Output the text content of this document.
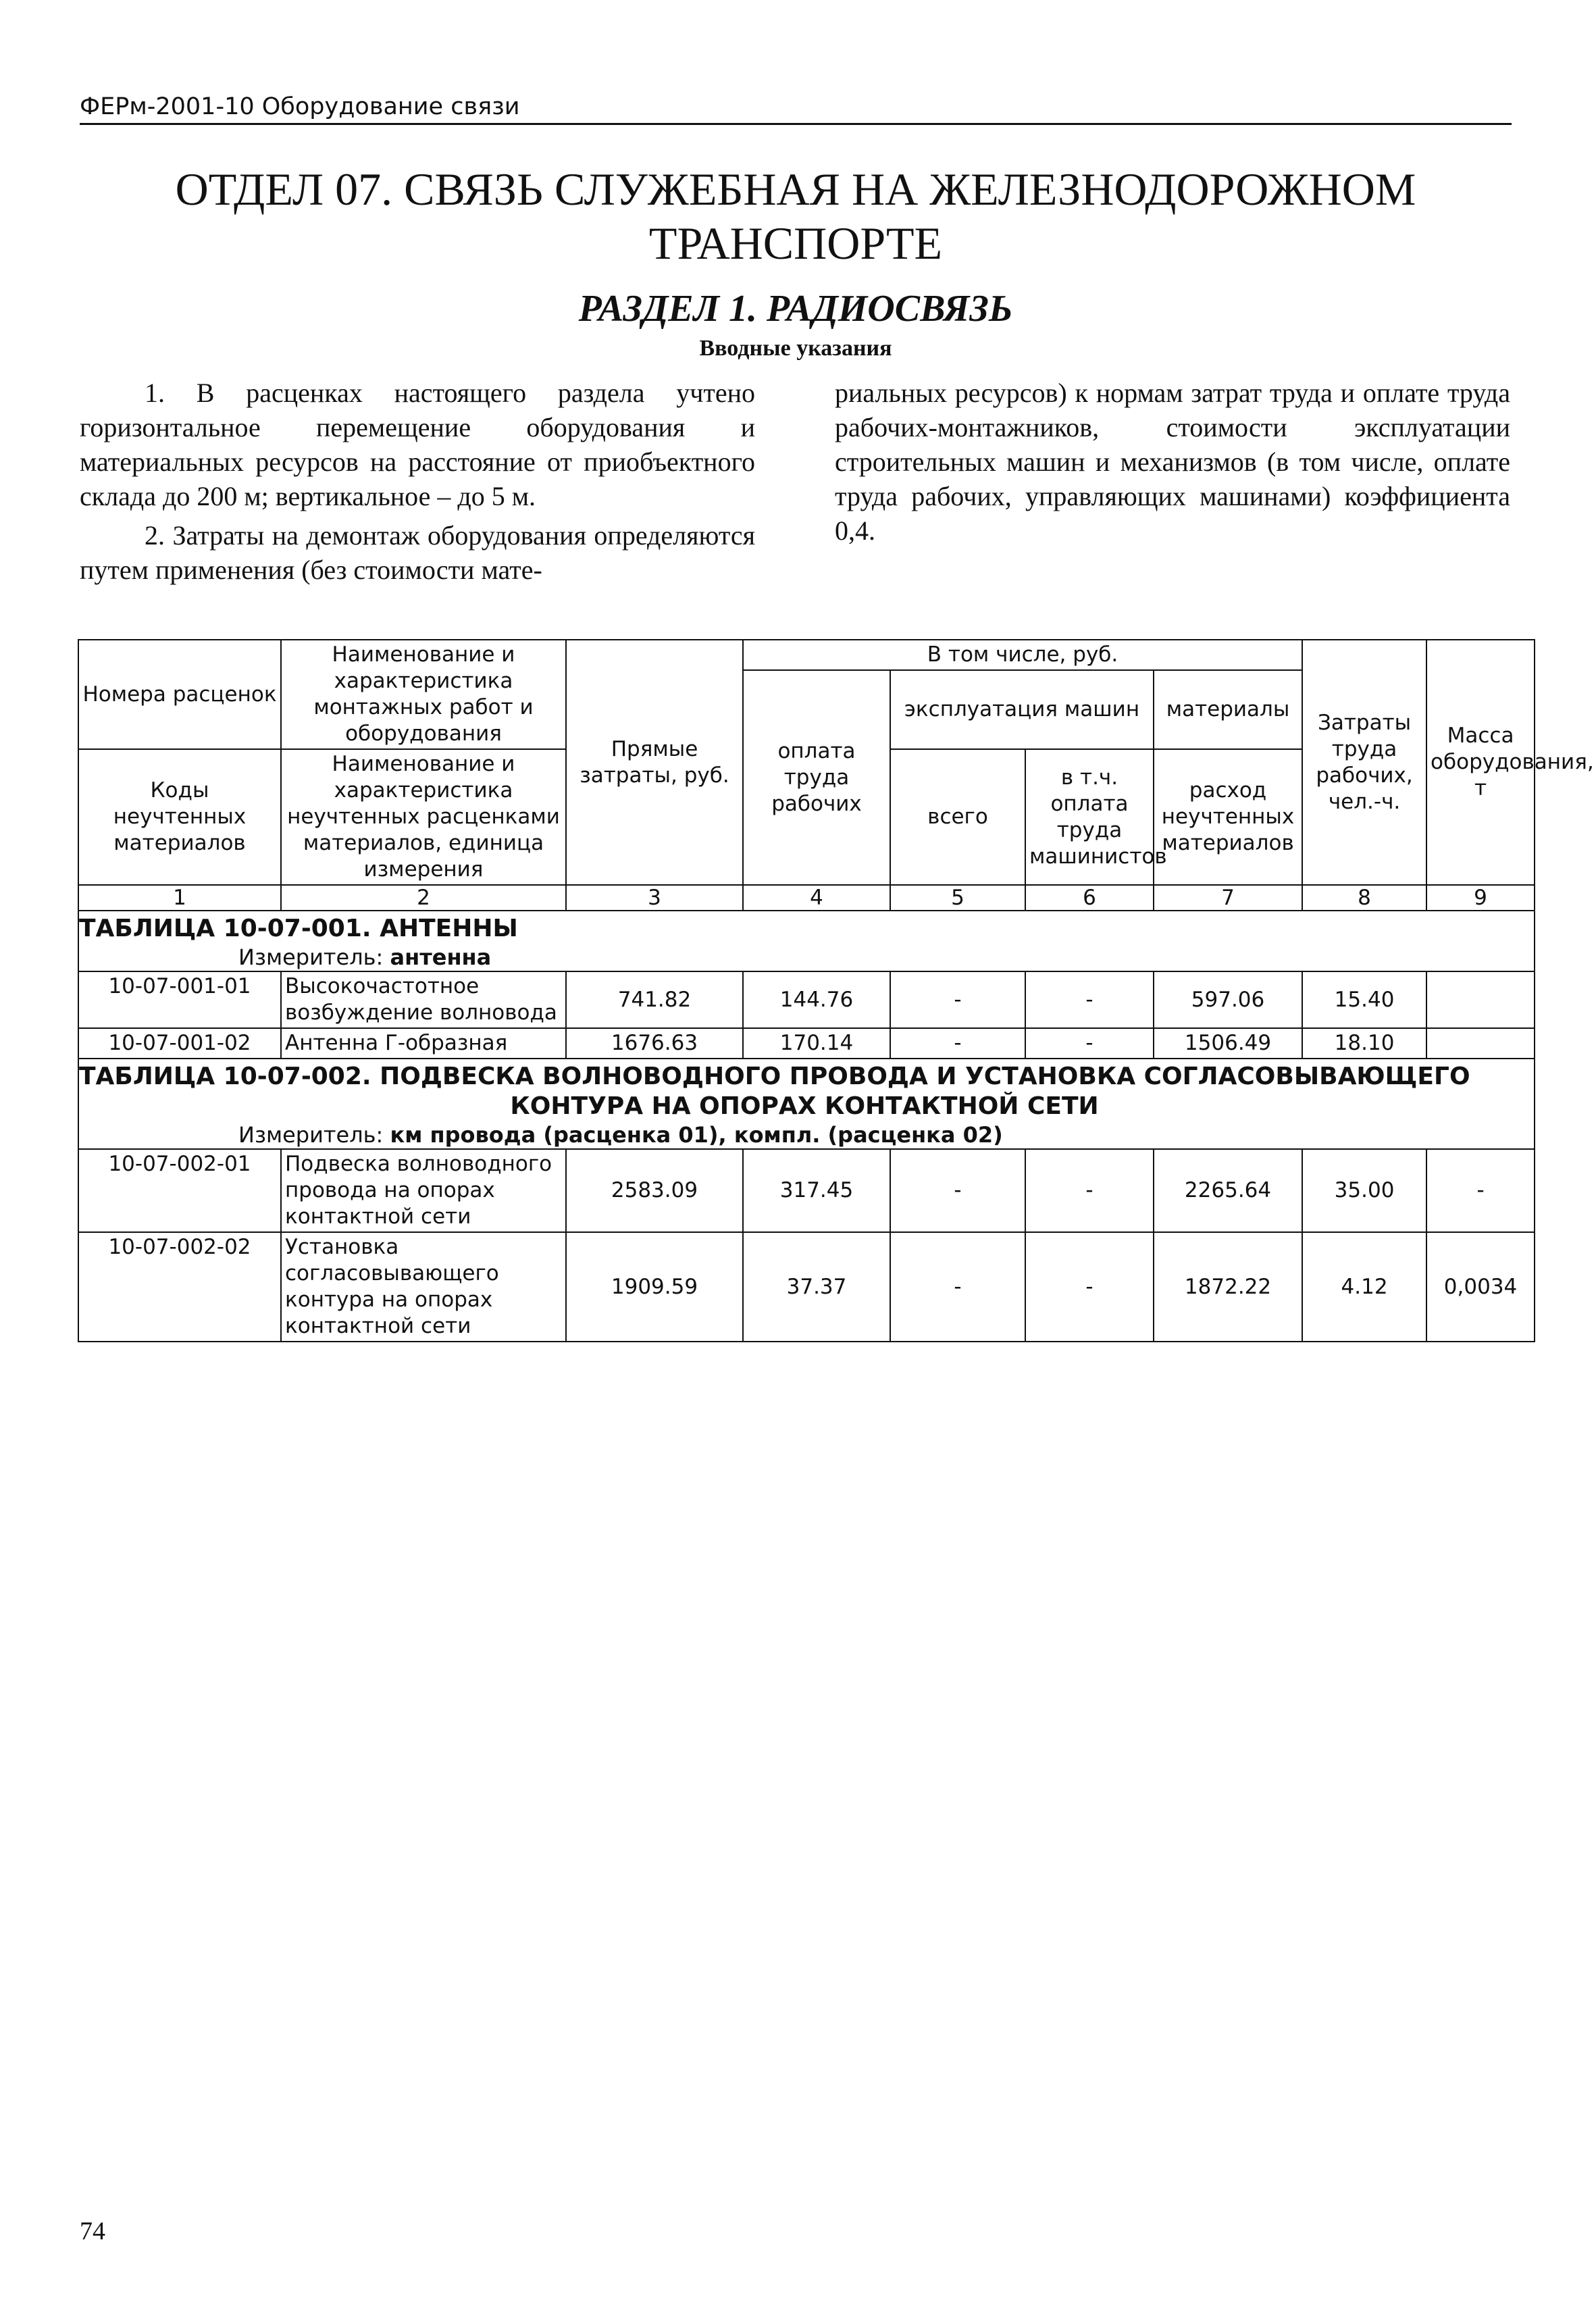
ФЕРм-2001-10 Оборудование связи
ОТДЕЛ 07. СВЯЗЬ СЛУЖЕБНАЯ НА ЖЕЛЕЗНОДОРОЖНОМ ТРАНСПОРТЕ
РАЗДЕЛ 1. РАДИОСВЯЗЬ
Вводные указания

1. В расценках настоящего раздела учтено горизонтальное перемещение оборудования и материальных ресурсов на расстояние от приобъектного склада до 200 м; вертикальное – до 5 м.

2. Затраты на демонтаж оборудования определяются путем применения (без стоимости мате-

риальных ресурсов) к нормам затрат труда и оплате труда рабочих-монтажников, стоимости эксплуатации строительных машин и механизмов (в том числе, оплате труда рабочих, управляющих машинами) коэффициента 0,4.

Номера расценок	Наименование и характеристика монтажных работ и оборудования	Прямые затраты, руб.	В том числе, руб.				Затраты труда рабочих, чел.-ч.	Масса оборудования, т
			оплата труда рабочих	эксплуатация машин		материалы		
Коды неучтенных материалов	Наименование и характеристика неучтенных расценками материалов, единица измерения			всего	в т.ч. оплата труда машинистов	расход неучтенных материалов		

1	2	3	4	5	6	7	8	9

ТАБЛИЦА 10-07-001. АНТЕННЫ								

Измеритель: антенна								

10-07-001-01	Высокочастотное возбуждение волновода	741.82	144.76	-	-	597.06	15.40	
10-07-001-02	Антенна Г-образная	1676.63	170.14	-	-	1506.49	18.10	

ТАБЛИЦА 10-07-002. ПОДВЕСКА ВОЛНОВОДНОГО ПРОВОДА И УСТАНОВКА СОГЛАСОВЫВАЮЩЕГО
КОНТУРА НА ОПОРАХ КОНТАКТНОЙ СЕТИ								

Измеритель: км провода (расценка 01), компл. (расценка 02)								

10-07-002-01	Подвеска волноводного провода на опорах контактной сети	2583.09	317.45	-	-	2265.64	35.00	-
10-07-002-02	Установка согласовывающего контура на опорах контактной сети	1909.59	37.37	-	-	1872.22	4.12	0,0034
74
